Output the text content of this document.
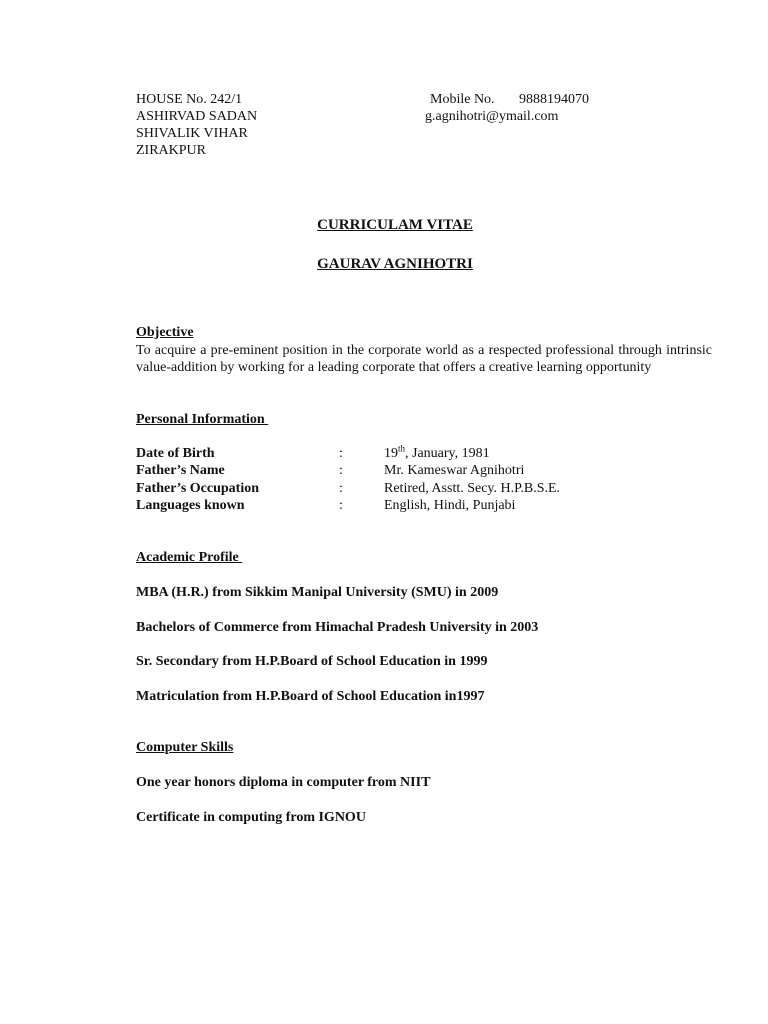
HOUSE No. 242/1
ASHIRVAD SADAN
SHIVALIK VIHAR
ZIRAKPUR
Mobile No. 9888194070
g.agnihotri@ymail.com
CURRICULAM VITAE
GAURAV AGNIHOTRI
Objective
To acquire a pre-eminent position in the corporate world as a respected professional through intrinsic value-addition by working for a leading corporate that offers a creative learning opportunity
Personal Information
Date of Birth	:	19th, January, 1981
Father’s Name	:	Mr. Kameswar Agnihotri
Father’s Occupation	:	Retired, Asstt. Secy. H.P.B.S.E.
Languages known	:	English, Hindi, Punjabi
Academic Profile
MBA (H.R.) from Sikkim Manipal University (SMU) in 2009
Bachelors of Commerce from Himachal Pradesh University in 2003
Sr. Secondary from H.P.Board of School Education in 1999
Matriculation from H.P.Board of School Education in1997
Computer Skills
One year honors diploma in computer from NIIT
Certificate in computing from IGNOU
